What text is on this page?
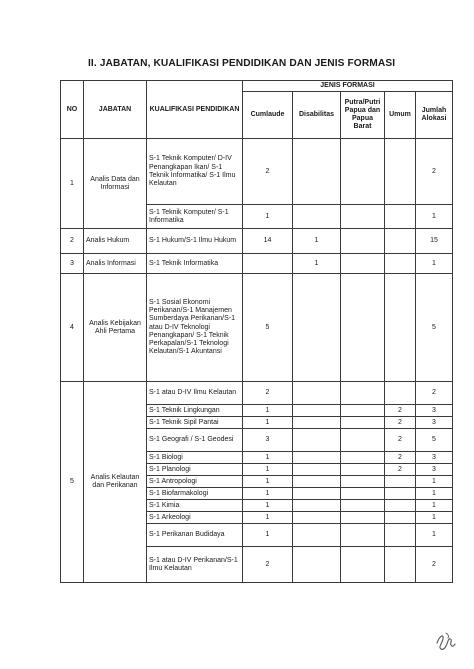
II. JABATAN, KUALIFIKASI PENDIDIKAN DAN JENIS FORMASI
NO	JABATAN	KUALIFIKASI PENDIDIKAN	JENIS FORMASI				
			Cumlaude	Disabilitas	Putra/Putri Papua dan Papua Barat	Umum	Jumlah Alokasi
1	Analis Data dan Informasi	S-1 Teknik Komputer/ D-IV Penangkapan Ikan/ S-1 Teknik Informatika/ S-1 Ilmu Kelautan	2				2
		S-1 Teknik Komputer/ S-1 Informatika	1				1
2	Analis Hukum	S-1 Hukum/S-1 Ilmu Hukum	14	1			15
3	Analis Informasi	S-1 Teknik Informatika		1			1
4	Analis Kebijakan Ahli Pertama	S-1 Sosial Ekonomi Perikanan/S-1 Manajemen Sumberdaya Perikanan/S-1 atau D-IV Teknologi Penangkapan/ S-1 Teknik Perkapalan/S-1 Teknologi Kelautan/S-1 Akuntansi	5				5
5	Analis Kelautan dan Perikanan	S-1 atau D-IV Ilmu Kelautan	2				2
		S-1 Teknik Lingkungan	1			2	3
		S-1 Teknik Sipil Pantai	1			2	3
		S-1 Geografi / S-1 Geodesi	3			2	5
		S-1 Biologi	1			2	3
		S-1 Planologi	1			2	3
		S-1 Antropologi	1				1
		S-1 Biofarmakologi	1				1
		S-1 Kimia	1				1
		S-1 Arkeologi	1				1
		S-1 Perikanan Budidaya	1				1
		S-1 atau D-IV Perikanan/S-1 Ilmu Kelautan	2				2
